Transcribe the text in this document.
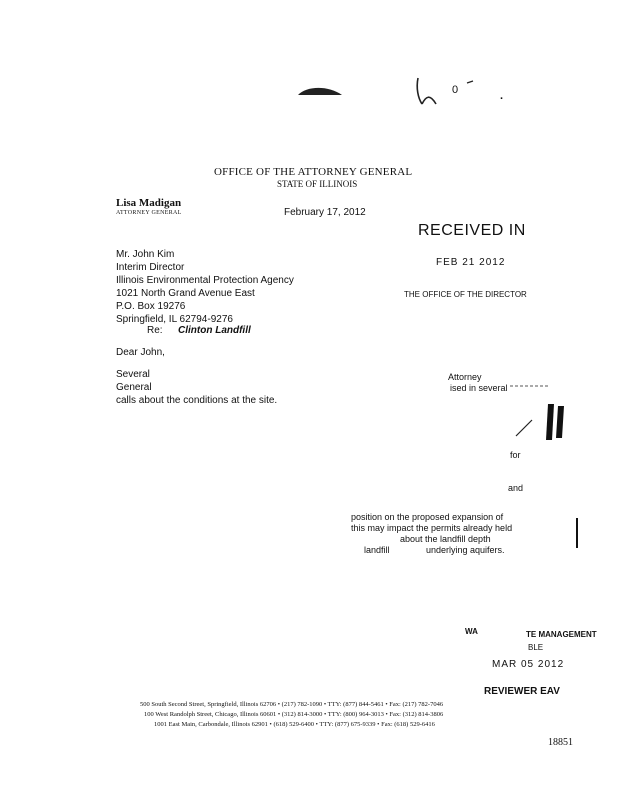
0	.
OFFICE OF THE ATTORNEY GENERAL
STATE OF ILLINOIS
Lisa Madigan
ATTORNEY GENERAL	February 17, 2012
RECEIVED IN
FEB 21 2012
THE OFFICE OF THE DIRECTOR
Mr. John Kim
Interim Director
Illinois Environmental Protection Agency
1021 North Grand Avenue East
P.O. Box 19276
Springfield, IL 62794-9276
Re: Clinton Landfill
Dear John,
Several
General
calls about the conditions at the site.
Attorney
ised in several
for
and
position on the proposed expansion of
this may impact the permits already held
about the landfill depth
landfill	underlying aquifers.
WA	TE MANAGEMENT
BLE
MAR 05 2012
REVIEWER EAV
500 South Second Street, Springfield, Illinois 62706 • (217) 782-1090 • TTY: (877) 844-5461 • Fax: (217) 782-7046
100 West Randolph Street, Chicago, Illinois 60601 • (312) 814-3000 • TTY: (800) 964-3013 • Fax: (312) 814-3806
1001 East Main, Carbondale, Illinois 62901 • (618) 529-6400 • TTY: (877) 675-9339 • Fax: (618) 529-6416
18851
